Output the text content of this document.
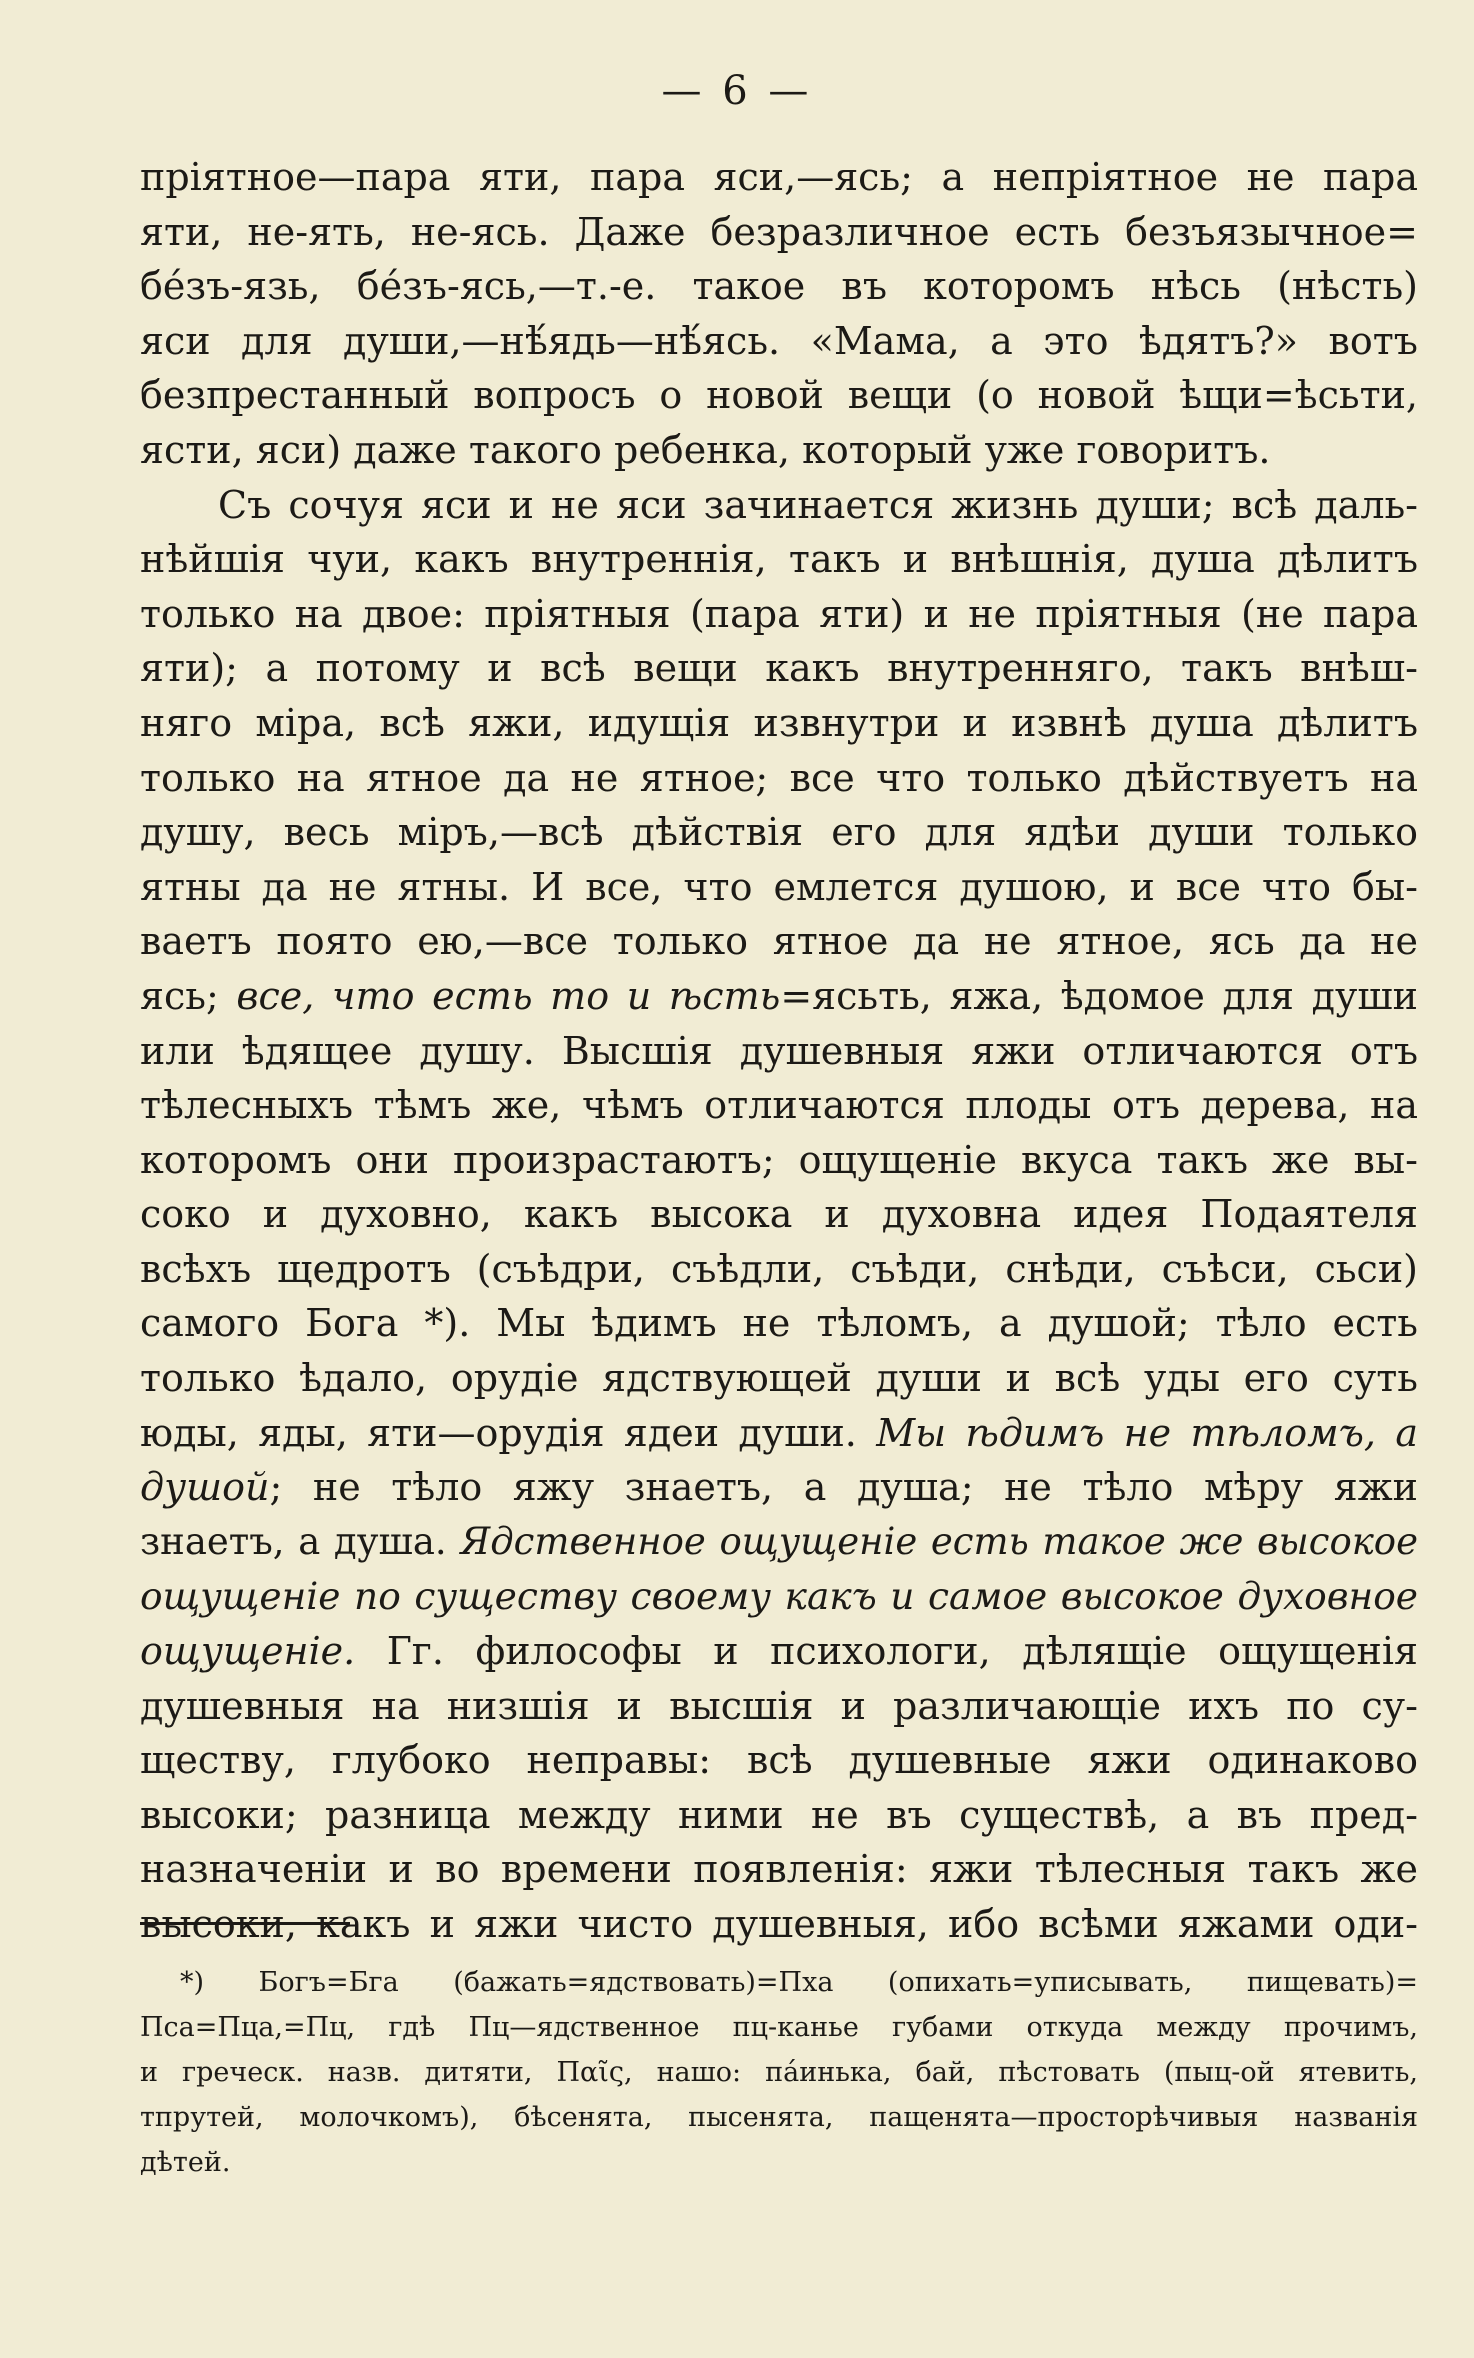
— 6 —
пріятное—пара яти, пара яси,—ясь; а непріятное не пара
яти, не-ять, не-ясь. Даже безразличное есть безъязычное=
бе́зъ-язь, бе́зъ-ясь,—т.-е. такое въ которомъ нѣсь (нѣсть)
яси для души,—нѣ́ядь—нѣ́ясь. «Мама, а это ѣдятъ?» вотъ
безпрестанный вопросъ о новой вещи (о новой ѣщи=ѣсьти,
ясти, яси) даже такого ребенка, который уже говоритъ.
Съ сочуя яси и не яси зачинается жизнь души; всѣ даль-
нѣйшія чуи, какъ внутреннія, такъ и внѣшнія, душа дѣлитъ
только на двое: пріятныя (пара яти) и не пріятныя (не пара
яти); а потому и всѣ вещи какъ внутренняго, такъ внѣш-
няго міра, всѣ яжи, идущія извнутри и извнѣ душа дѣлитъ
только на ятное да не ятное; все что только дѣйствуетъ на
душу, весь міръ,—всѣ дѣйствія его для ядѣи души только
ятны да не ятны. И все, что емлется душою, и все что бы-
ваетъ поято ею,—все только ятное да не ятное, ясь да не
ясь; все, что есть то и ѣсть=ясьть, яжа, ѣдомое для души
или ѣдящее душу. Высшія душевныя яжи отличаются отъ
тѣлесныхъ тѣмъ же, чѣмъ отличаются плоды отъ дерева, на
которомъ они произрастаютъ; ощущеніе вкуса такъ же вы-
соко и духовно, какъ высока и духовна идея Подаятеля
всѣхъ щедротъ (съѣдри, съѣдли, съѣди, снѣди, съѣси, сьси)
самого Бога *). Мы ѣдимъ не тѣломъ, а душой; тѣло есть
только ѣдало, орудіе ядствующей души и всѣ уды его суть
юды, яды, яти—орудія ядеи души. Мы ѣдимъ не тѣломъ, а
душой; не тѣло яжу знаетъ, а душа; не тѣло мѣру яжи
знаетъ, а душа. Ядственное ощущеніе есть такое же высокое
ощущеніе по существу своему какъ и самое высокое духовное
ощущеніе. Гг. философы и психологи, дѣлящіе ощущенія
душевныя на низшія и высшія и различающіе ихъ по су-
ществу, глубоко неправы: всѣ душевные яжи одинаково
высоки; разница между ними не въ существѣ, а въ пред-
назначеніи и во времени появленія: яжи тѣлесныя такъ же
высоки, какъ и яжи чисто душевныя, ибо всѣми яжами оди-
*) Богъ=Бга (бажать=ядствовать)=Пха (опихать=уписывать, пищевать)=
Пса=Пца,=Пц, гдѣ Пц—ядственное пц-канье губами откуда между прочимъ,
и греческ. назв. дитяти, Παῖς, нашо: па́инька, бай, пѣстовать (пыц-ой ятевить,
тпрутей, молочкомъ), бѣсенята, пысенята, пащенята—просторѣчивыя названія
дѣтей.
